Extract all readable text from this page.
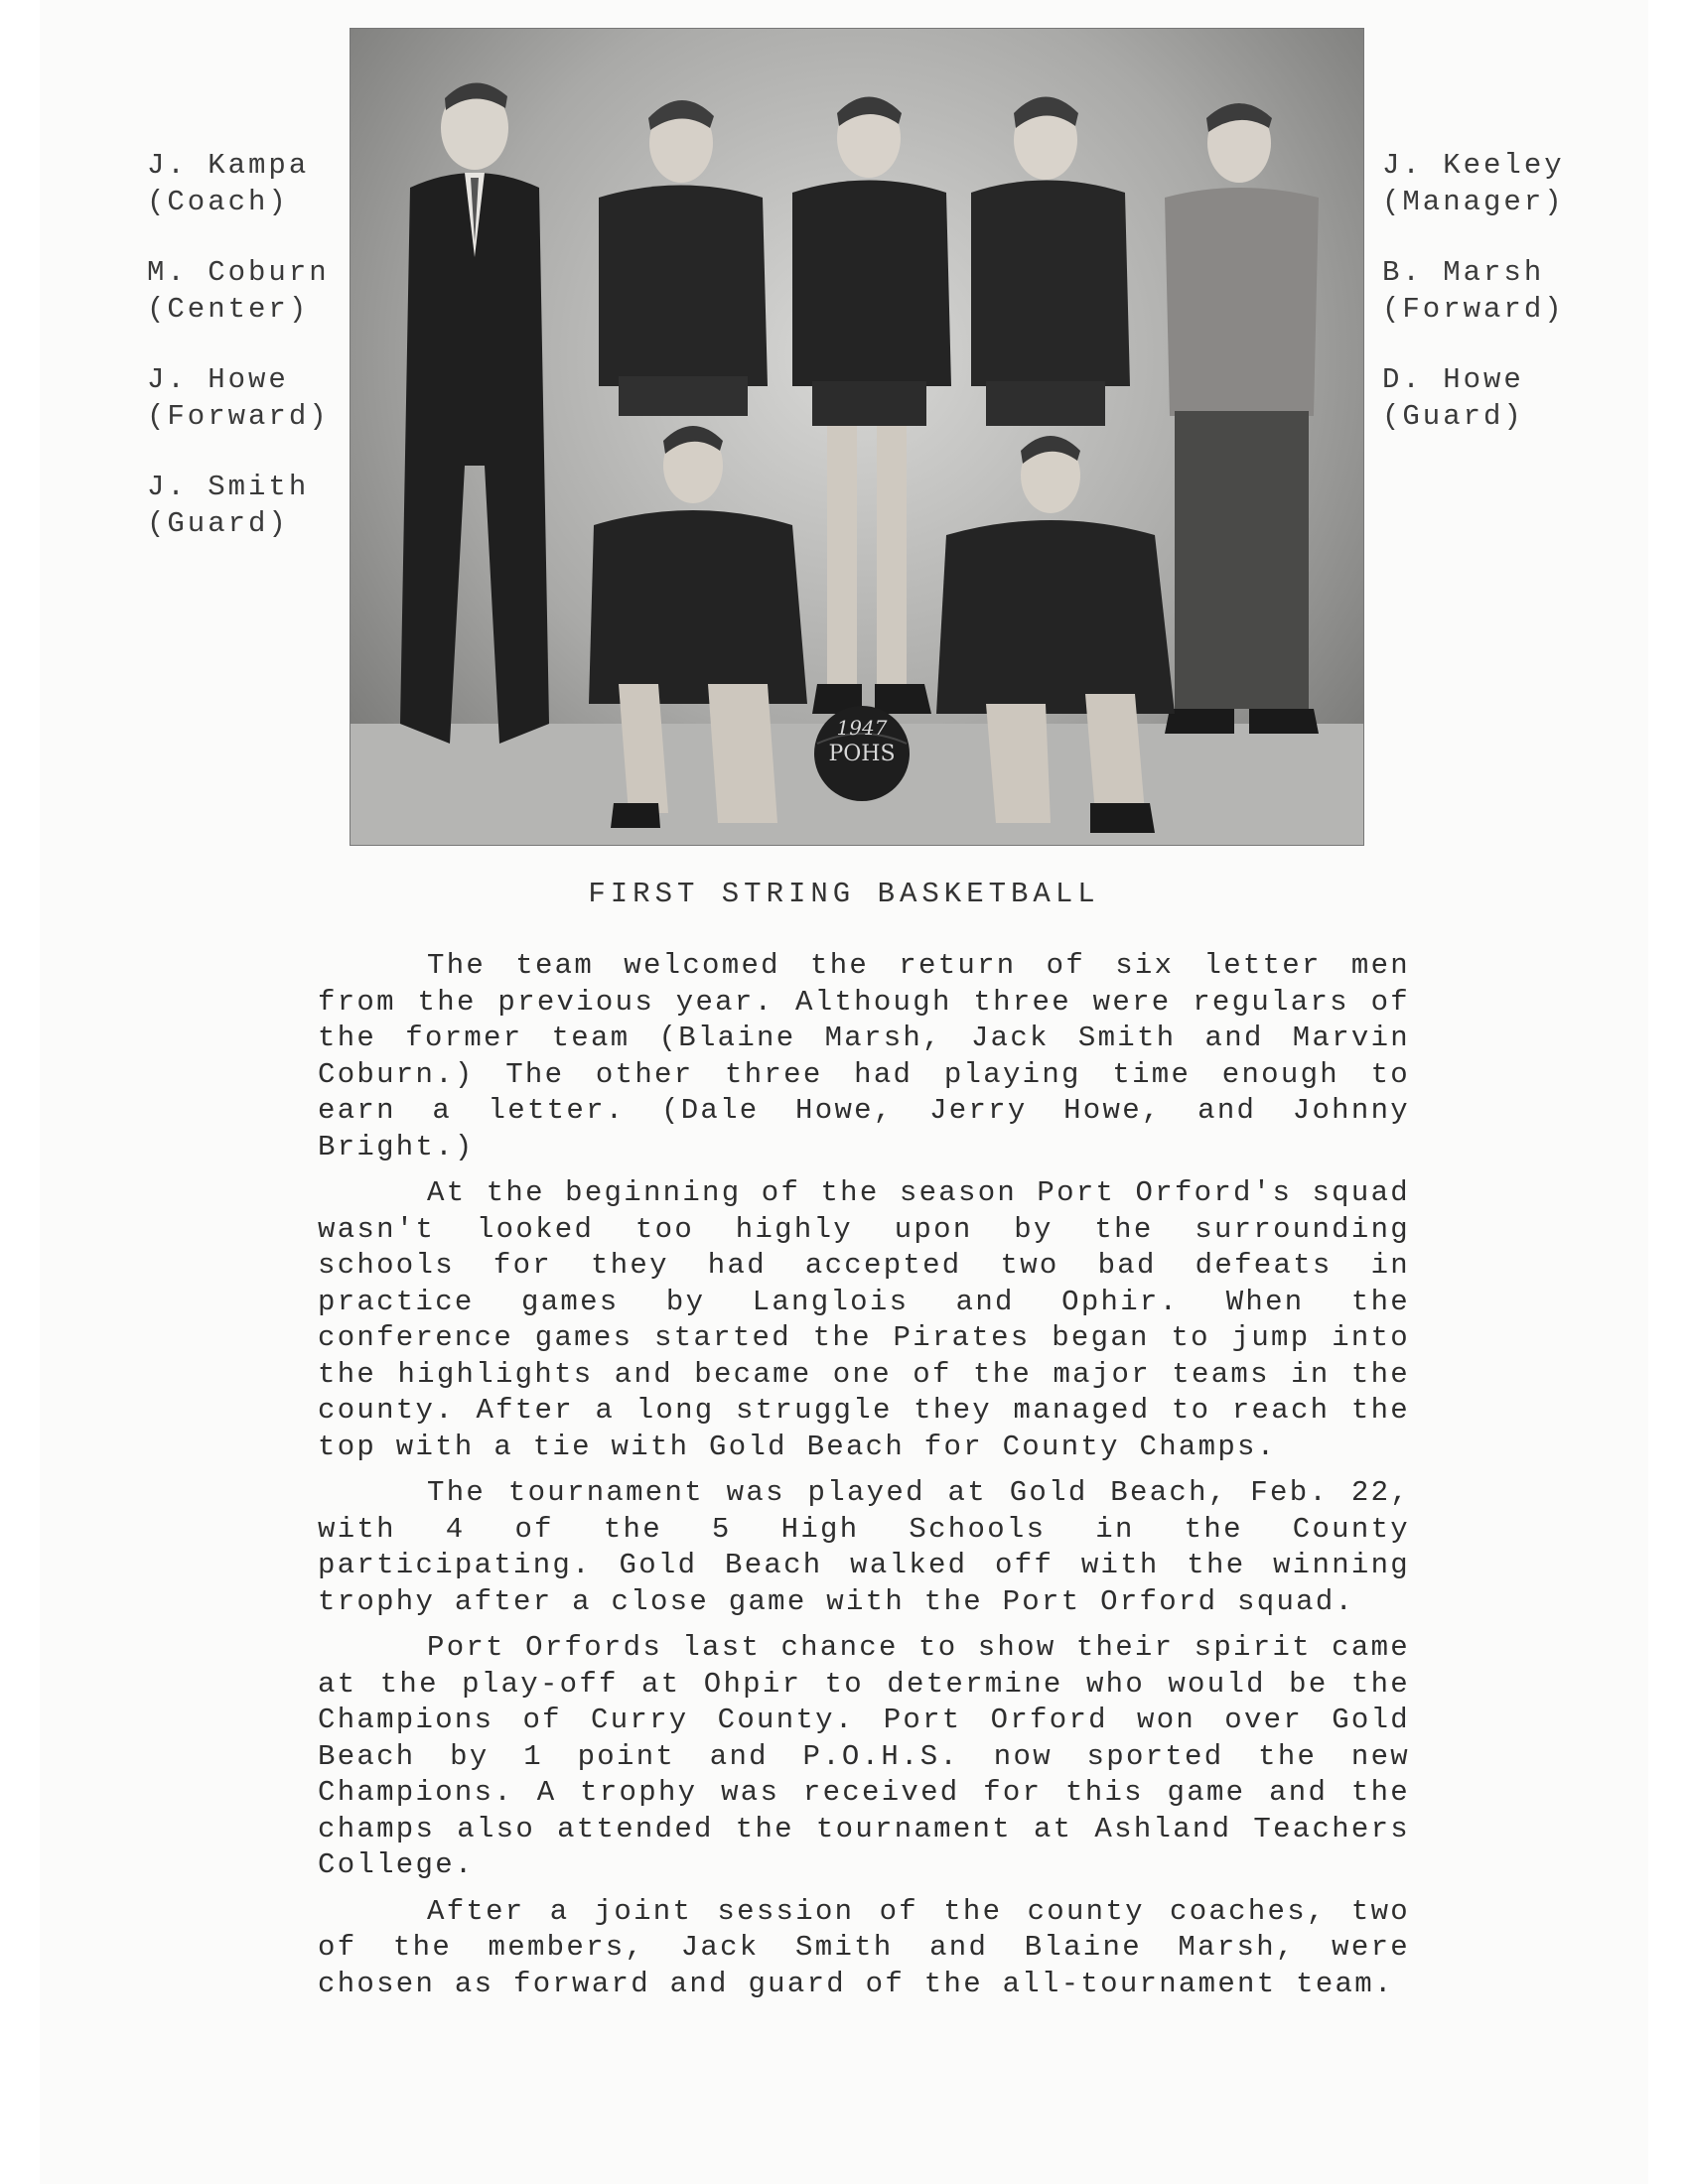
J. Kampa
(Coach)
M. Coburn
(Center)
J. Howe
(Forward)
J. Smith
(Guard)
1947
POHS
J. Keeley
(Manager)
B. Marsh
(Forward)
D. Howe
(Guard)
FIRST STRING BASKETBALL

The team welcomed the return of six letter men from the previous year. Although three were regulars of the former team (Blaine Marsh, Jack Smith and Marvin Coburn.) The other three had playing time enough to earn a letter. (Dale Howe, Jerry Howe, and Johnny Bright.)

At the beginning of the season Port Orford's squad wasn't looked too highly upon by the surrounding schools for they had accepted two bad defeats in practice games by Langlois and Ophir. When the conference games started the Pirates began to jump into the highlights and became one of the major teams in the county. After a long struggle they managed to reach the top with a tie with Gold Beach for County Champs.

The tournament was played at Gold Beach, Feb. 22, with 4 of the 5 High Schools in the County participating. Gold Beach walked off with the winning trophy after a close game with the Port Orford squad.

Port Orfords last chance to show their spirit came at the play-off at Ohpir to determine who would be the Champions of Curry County. Port Orford won over Gold Beach by 1 point and P.O.H.S. now sported the new Champions. A trophy was received for this game and the champs also attended the tournament at Ashland Teachers College.

After a joint session of the county coaches, two of the members, Jack Smith and Blaine Marsh, were chosen as forward and guard of the all-tournament team.
